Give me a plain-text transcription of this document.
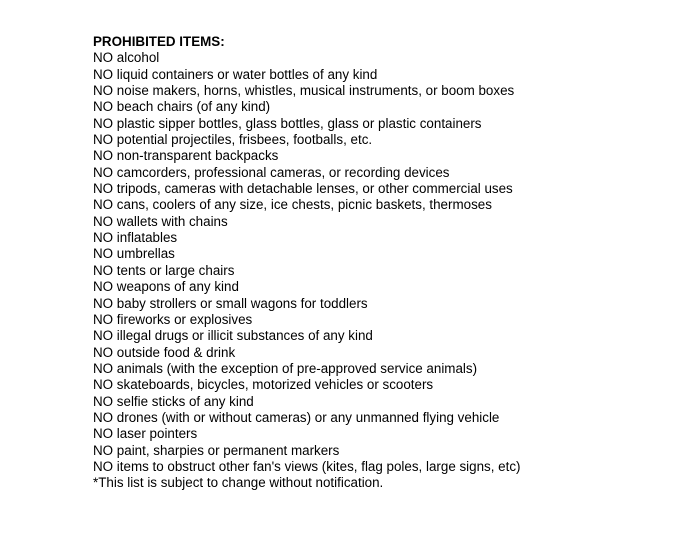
PROHIBITED ITEMS:
NO alcohol
NO liquid containers or water bottles of any kind
NO noise makers, horns, whistles, musical instruments, or boom boxes
NO beach chairs (of any kind)
NO plastic sipper bottles, glass bottles, glass or plastic containers
NO potential projectiles, frisbees, footballs, etc.
NO non-transparent backpacks
NO camcorders, professional cameras, or recording devices
NO tripods, cameras with detachable lenses, or other commercial uses
NO cans, coolers of any size, ice chests, picnic baskets, thermoses
NO wallets with chains
NO inflatables
NO umbrellas
NO tents or large chairs
NO weapons of any kind
NO baby strollers or small wagons for toddlers
NO fireworks or explosives
NO illegal drugs or illicit substances of any kind
NO outside food & drink
NO animals (with the exception of pre-approved service animals)
NO skateboards, bicycles, motorized vehicles or scooters
NO selfie sticks of any kind
NO drones (with or without cameras) or any unmanned flying vehicle
NO laser pointers
NO paint, sharpies or permanent markers
NO items to obstruct other fan's views (kites, flag poles, large signs, etc)
*This list is subject to change without notification.
